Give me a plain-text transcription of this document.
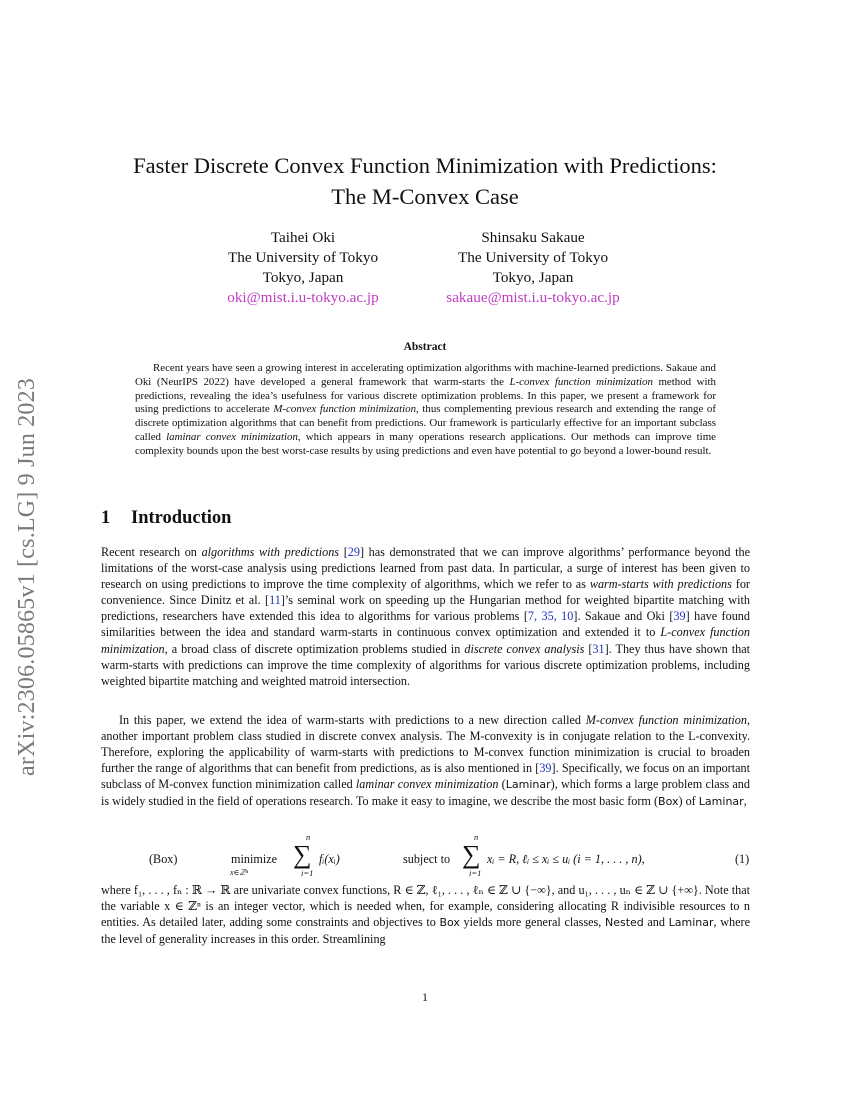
arXiv:2306.05865v1 [cs.LG] 9 Jun 2023
Faster Discrete Convex Function Minimization with Predictions:
The M-Convex Case
Taihei Oki
The University of Tokyo
Tokyo, Japan
oki@mist.i.u-tokyo.ac.jp
Shinsaku Sakaue
The University of Tokyo
Tokyo, Japan
sakaue@mist.i.u-tokyo.ac.jp
Abstract

Recent years have seen a growing interest in accelerating optimization algorithms with machine-learned predictions. Sakaue and Oki (NeurIPS 2022) have developed a general framework that warm-starts the L-convex function minimization method with predictions, revealing the idea’s usefulness for various discrete optimization problems. In this paper, we present a framework for using predictions to accelerate M-convex function minimization, thus complementing previous research and extending the range of discrete optimization algorithms that can benefit from predictions. Our framework is particularly effective for an important subclass called laminar convex minimization, which appears in many operations research applications. Our methods can improve time complexity bounds upon the best worst-case results by using predictions and even have potential to go beyond a lower-bound result.

1 Introduction

Recent research on algorithms with predictions [29] has demonstrated that we can improve algorithms’ performance beyond the limitations of the worst-case analysis using predictions learned from past data. In particular, a surge of interest has been given to research on using predictions to improve the time complexity of algorithms, which we refer to as warm-starts with predictions for convenience. Since Dinitz et al. [11]’s seminal work on speeding up the Hungarian method for weighted bipartite matching with predictions, researchers have extended this idea to algorithms for various problems [7, 35, 10]. Sakaue and Oki [39] have found similarities between the idea and standard warm-starts in continuous convex optimization and extended it to L-convex function minimization, a broad class of discrete optimization problems studied in discrete convex analysis [31]. They thus have shown that warm-starts with predictions can improve the time complexity of algorithms for various discrete optimization problems, including weighted bipartite matching and weighted matroid intersection.

In this paper, we extend the idea of warm-starts with predictions to a new direction called M-convex function minimization, another important problem class studied in discrete convex analysis. The M-convexity is in conjugate relation to the L-convexity. Therefore, exploring the applicability of warm-starts with predictions to M-convex function minimization is crucial to broaden further the range of algorithms that can benefit from predictions, as is also mentioned in [39]. Specifically, we focus on an important subclass of M-convex function minimization called laminar convex minimization (Laminar), which forms a large problem class and is widely studied in the field of operations research. To make it easy to imagine, we describe the most basic form (Box) of Laminar,

(Box)	minimize
x∈ℤⁿ
∑
n
i=1
fᵢ(xᵢ)	subject to ∑
n
i=1
xᵢ = R, ℓᵢ ≤ xᵢ ≤ uᵢ (i = 1, . . . , n),	(1)

where f₁, . . . , fₙ : ℝ → ℝ are univariate convex functions, R ∈ ℤ, ℓ₁, . . . , ℓₙ ∈ ℤ ∪ {−∞}, and u₁, . . . , uₙ ∈ ℤ ∪ {+∞}. Note that the variable x ∈ ℤⁿ is an integer vector, which is needed when, for example, considering allocating R indivisible resources to n entities. As detailed later, adding some constraints and objectives to Box yields more general classes, Nested and Laminar, where the level of generality increases in this order. Streamlining

1
